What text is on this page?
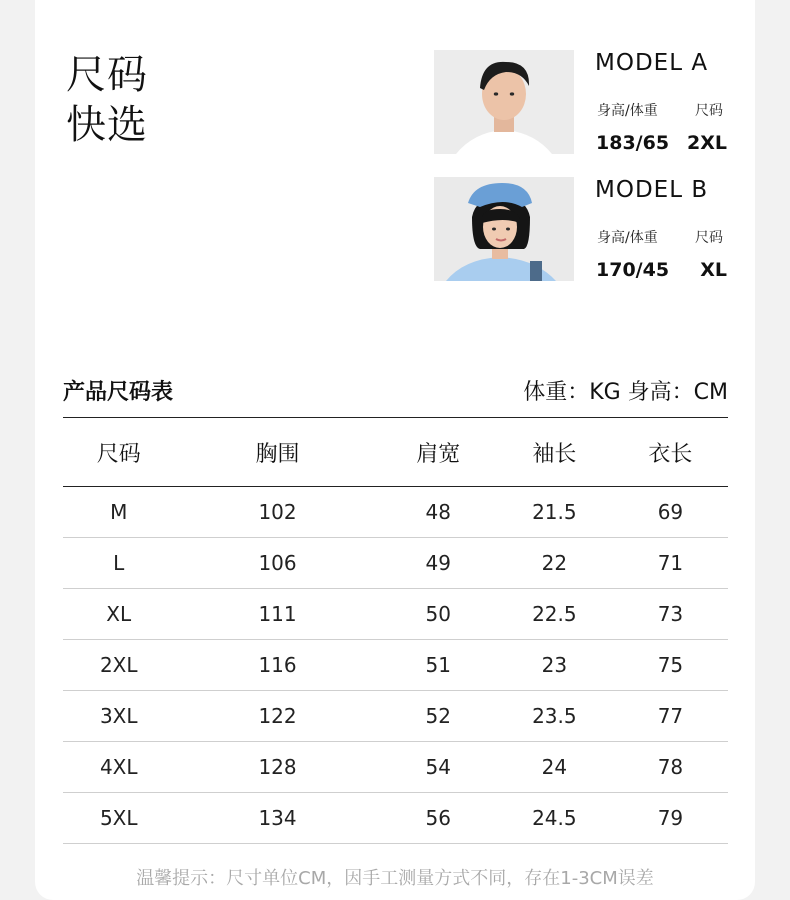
尺码
快选
MODEL A
身高/体重	尺码
183/65 2XL
MODEL B
身高/体重	尺码
170/45 XL
产品尺码表	体重：KG 身高：CM
尺码	胸围	肩宽	袖长	衣长
M	102	48	21.5	69
L	106	49	22	71
XL	111	50	22.5	73
2XL	116	51	23	75
3XL	122	52	23.5	77
4XL	128	54	24	78
5XL	134	56	24.5	79
温馨提示：尺寸单位CM，因手工测量方式不同，存在1-3CM误差
